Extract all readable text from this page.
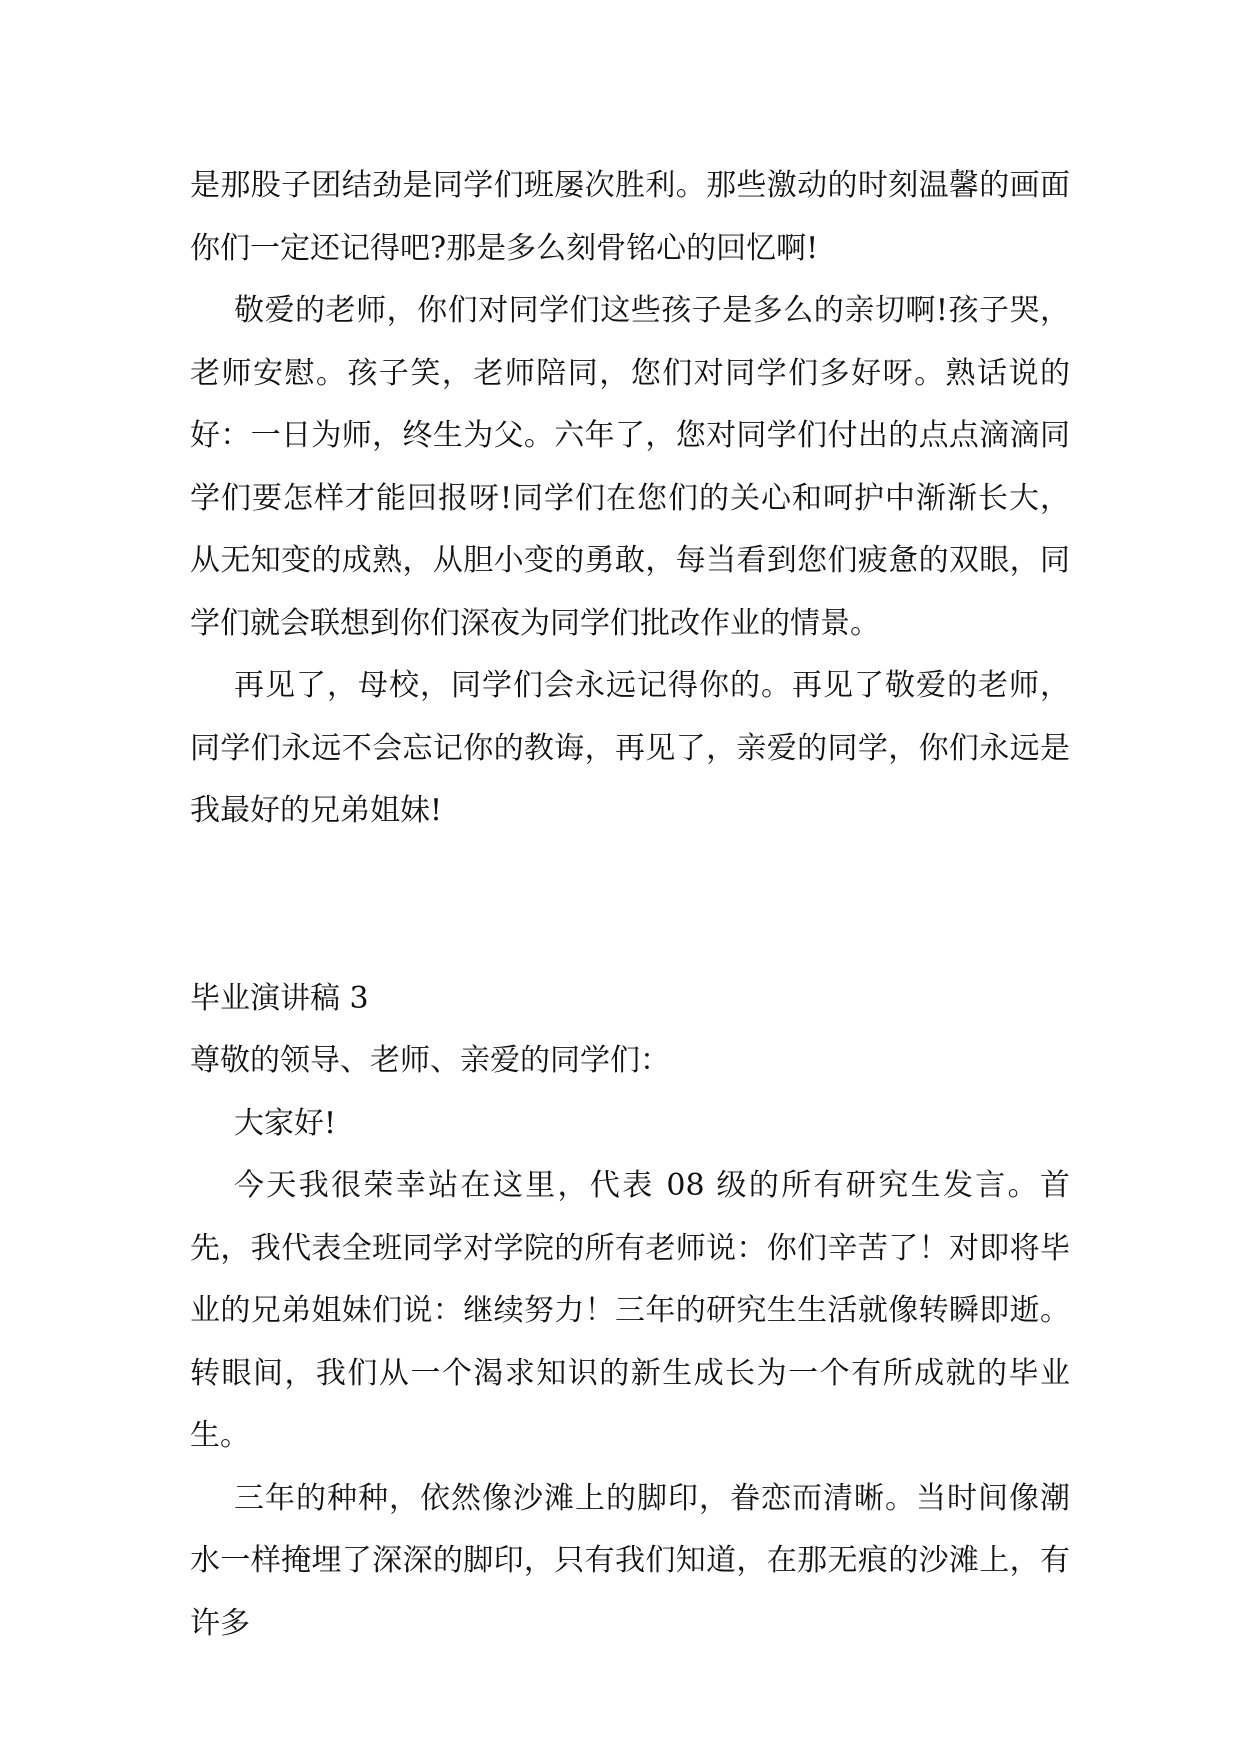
是那股子团结劲是同学们班屡次胜利。那些激动的时刻温馨的画面你们一定还记得吧?那是多么刻骨铭心的回忆啊!

敬爱的老师，你们对同学们这些孩子是多么的亲切啊!孩子哭，老师安慰。孩子笑，老师陪同，您们对同学们多好呀。熟话说的好：一日为师，终生为父。六年了，您对同学们付出的点点滴滴同学们要怎样才能回报呀!同学们在您们的关心和呵护中渐渐长大，从无知变的成熟，从胆小变的勇敢，每当看到您们疲惫的双眼，同学们就会联想到你们深夜为同学们批改作业的情景。

再见了，母校，同学们会永远记得你的。再见了敬爱的老师，同学们永远不会忘记你的教诲，再见了，亲爱的同学，你们永远是我最好的兄弟姐妹!

毕业演讲稿 3

尊敬的领导、老师、亲爱的同学们：

大家好!

今天我很荣幸站在这里，代表 08 级的所有研究生发言。首先，我代表全班同学对学院的所有老师说：你们辛苦了！对即将毕业的兄弟姐妹们说：继续努力！三年的研究生生活就像转瞬即逝。转眼间，我们从一个渴求知识的新生成长为一个有所成就的毕业生。

三年的种种，依然像沙滩上的脚印，眷恋而清晰。当时间像潮水一样掩埋了深深的脚印，只有我们知道，在那无痕的沙滩上，有许多
